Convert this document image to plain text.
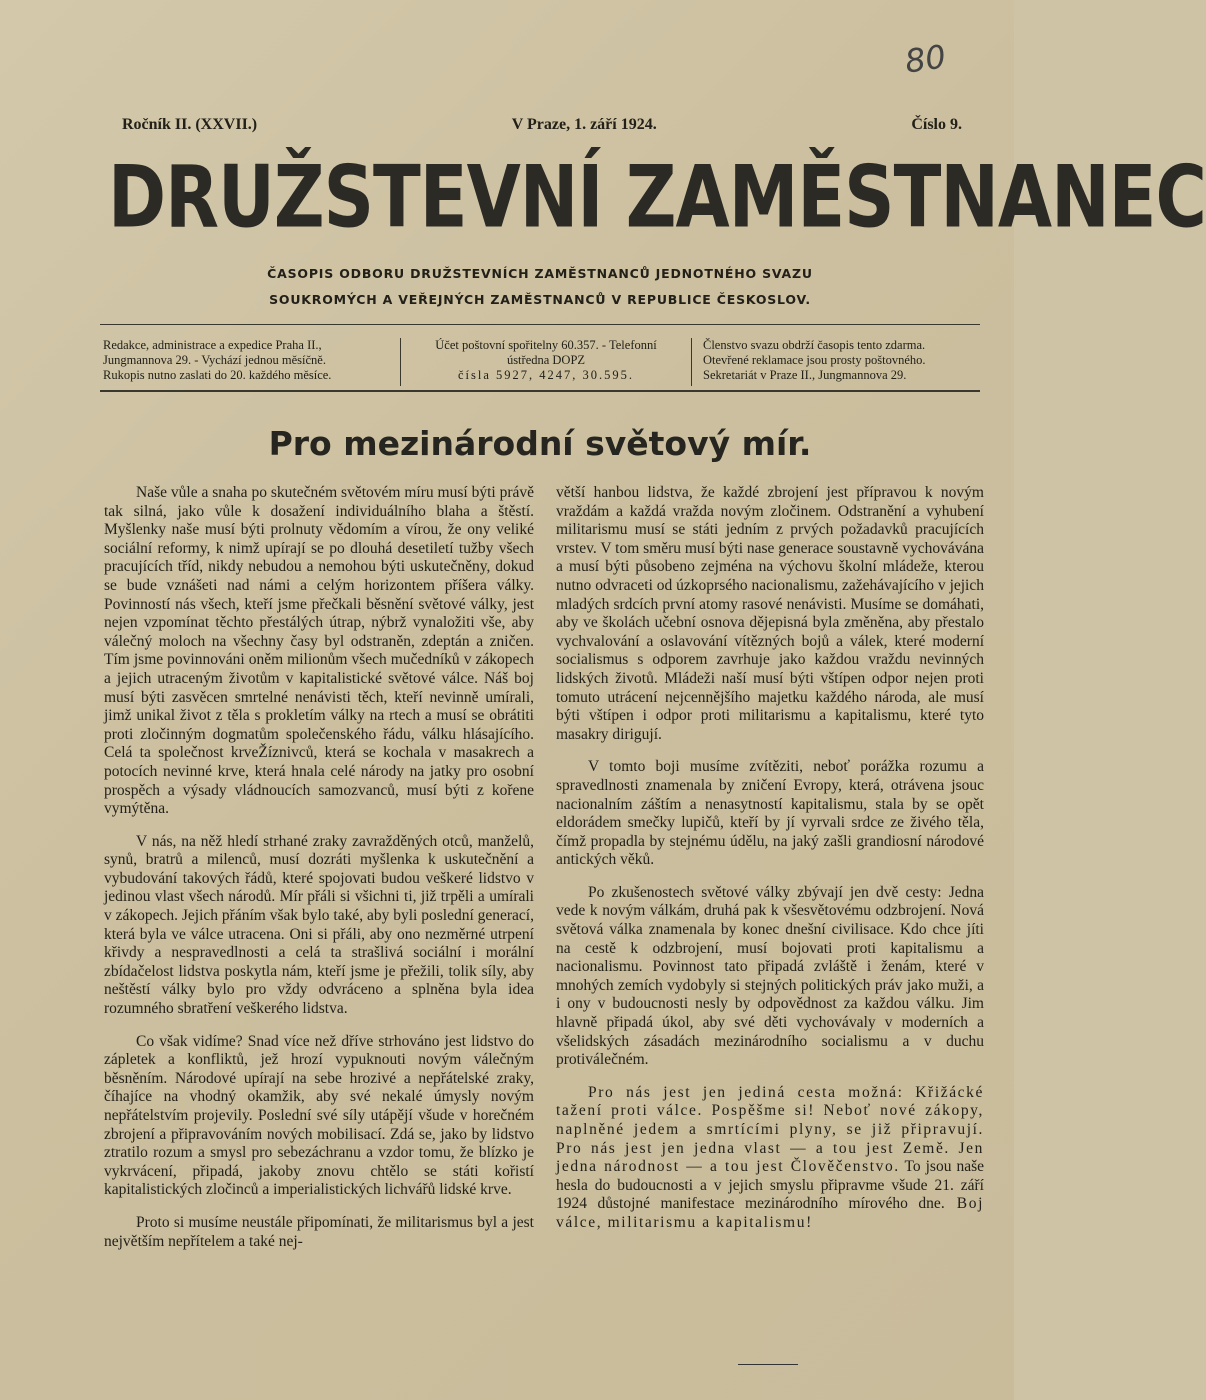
80
Ročník II. (XXVII.)	V Praze, 1. září 1924.	Číslo 9.
DRUŽSTEVNÍ ZAMĚSTNANEC
ČASOPIS ODBORU DRUŽSTEVNÍCH ZAMĚSTNANCŮ JEDNOTNÉHO SVAZU
SOUKROMÝCH A VEŘEJNÝCH ZAMĚSTNANCŮ V REPUBLICE ČESKOSLOV.
Redakce, administrace a expedice Praha II.,
Jungmannova 29. - Vychází jednou měsíčně.
Rukopis nutno zaslati do 20. každého měsíce.
Účet poštovní spořitelny 60.357. - Telefonní
ústředna DOPZ
čísla 5927, 4247, 30.595.
Členstvo svazu obdrží časopis tento zdarma.
Otevřené reklamace jsou prosty poštovného.
Sekretariát v Praze II., Jungmannova 29.
Pro mezinárodní světový mír.

Naše vůle a snaha po skutečném světovém míru musí býti právě tak silná, jako vůle k dosažení individuálního blaha a štěstí. Myšlenky naše musí býti prolnuty vědomím a vírou, že ony veliké sociální reformy, k nimž upírají se po dlouhá desetiletí tužby všech pracujících tříd, nikdy nebudou a nemohou býti uskutečněny, dokud se bude vznášeti nad námi a celým horizontem příšera války. Povinností nás všech, kteří jsme přečkali běsnění světové války, jest nejen vzpomínat těchto přestálých útrap, nýbrž vynaložiti vše, aby válečný moloch na všechny časy byl odstraněn, zdeptán a zničen. Tím jsme povinnováni oněm milionům všech mučedníků v zákopech a jejich utraceným životům v kapitalistické světové válce. Náš boj musí býti zasvěcen smrtelné nenávisti těch, kteří nevinně umírali, jimž unikal život z těla s prokletím války na rtech a musí se obrátiti proti zločinným dogmatům společenského řádu, válku hlásajícího. Celá ta společnost krveŽíznivců, která se kochala v masakrech a potocích nevinné krve, která hnala celé národy na jatky pro osobní prospěch a výsady vládnoucích samozvanců, musí býti z kořene vymýtěna.

V nás, na něž hledí strhané zraky zavražděných otců, manželů, synů, bratrů a milenců, musí dozráti myšlenka k uskutečnění a vybudování takových řádů, které spojovati budou veškeré lidstvo v jedinou vlast všech národů. Mír přáli si všichni ti, již trpěli a umírali v zákopech. Jejich přáním však bylo také, aby byli poslední generací, která byla ve válce utracena. Oni si přáli, aby ono nezměrné utrpení křivdy a nespravedlnosti a celá ta strašlivá sociální i morální zbídačelost lidstva poskytla nám, kteří jsme je přežili, tolik síly, aby neštěstí války bylo pro vždy odvráceno a splněna byla idea rozumného sbratření veškerého lidstva.

Co však vidíme? Snad více než dříve strhováno jest lidstvo do zápletek a konfliktů, jež hrozí vypuknouti novým válečným běsněním. Národové upírají na sebe hrozivé a nepřátelské zraky, číhajíce na vhodný okamžik, aby své nekalé úmysly novým nepřátelstvím projevily. Poslední své síly utápějí všude v horečném zbrojení a připravováním nových mobilisací. Zdá se, jako by lidstvo ztratilo rozum a smysl pro sebezáchranu a vzdor tomu, že blízko je vykrvácení, připadá, jakoby znovu chtělo se státi kořistí kapitalistických zločinců a imperialistických lichvářů lidské krve.

Proto si musíme neustále připomínati, že militarismus byl a jest největším nepřítelem a také nej-

větší hanbou lidstva, že každé zbrojení jest přípravou k novým vraždám a každá vražda novým zločinem. Odstranění a vyhubení militarismu musí se státi jedním z prvých požadavků pracujících vrstev. V tom směru musí býti nase generace soustavně vychovávána a musí býti působeno zejména na výchovu školní mládeže, kterou nutno odvraceti od úzkoprsého nacionalismu, zažehávajícího v jejich mladých srdcích první atomy rasové nenávisti. Musíme se domáhati, aby ve školách učební osnova dějepisná byla změněna, aby přestalo vychvalování a oslavování vítězných bojů a válek, které moderní socialismus s odporem zavrhuje jako každou vraždu nevinných lidských životů. Mládeži naší musí býti vštípen odpor nejen proti tomuto utrácení nejcennějšího majetku každého národa, ale musí býti vštípen i odpor proti militarismu a kapitalismu, které tyto masakry dirigují.

V tomto boji musíme zvítěziti, neboť porážka rozumu a spravedlnosti znamenala by zničení Evropy, která, otrávena jsouc nacionalním záštím a nenasytností kapitalismu, stala by se opět eldorádem smečky lupičů, kteří by jí vyrvali srdce ze živého těla, čímž propadla by stejnému údělu, na jaký zašli grandiosní národové antických věků.

Po zkušenostech světové války zbývají jen dvě cesty: Jedna vede k novým válkám, druhá pak k všesvětovému odzbrojení. Nová světová válka znamenala by konec dnešní civilisace. Kdo chce jíti na cestě k odzbrojení, musí bojovati proti kapitalismu a nacionalismu. Povinnost tato připadá zvláště i ženám, které v mnohých zemích vydobyly si stejných politických práv jako muži, a i ony v budoucnosti nesly by odpovědnost za každou válku. Jim hlavně připadá úkol, aby své děti vychovávaly v moderních a všelidských zásadách mezinárodního socialismu a v duchu protiválečném.

Pro nás jest jen jediná cesta možná: Křižácké tažení proti válce. Pospěšme si! Neboť nové zákopy, naplněné jedem a smrtícími plyny, se již připravují. Pro nás jest jen jedna vlast — a tou jest Země. Jen jedna národnost — a tou jest Člověčenstvo. To jsou naše hesla do budoucnosti a v jejich smyslu připravme všude 21. září 1924 důstojné manifestace mezinárodního mírového dne. Boj válce, militarismu a kapitalismu!
